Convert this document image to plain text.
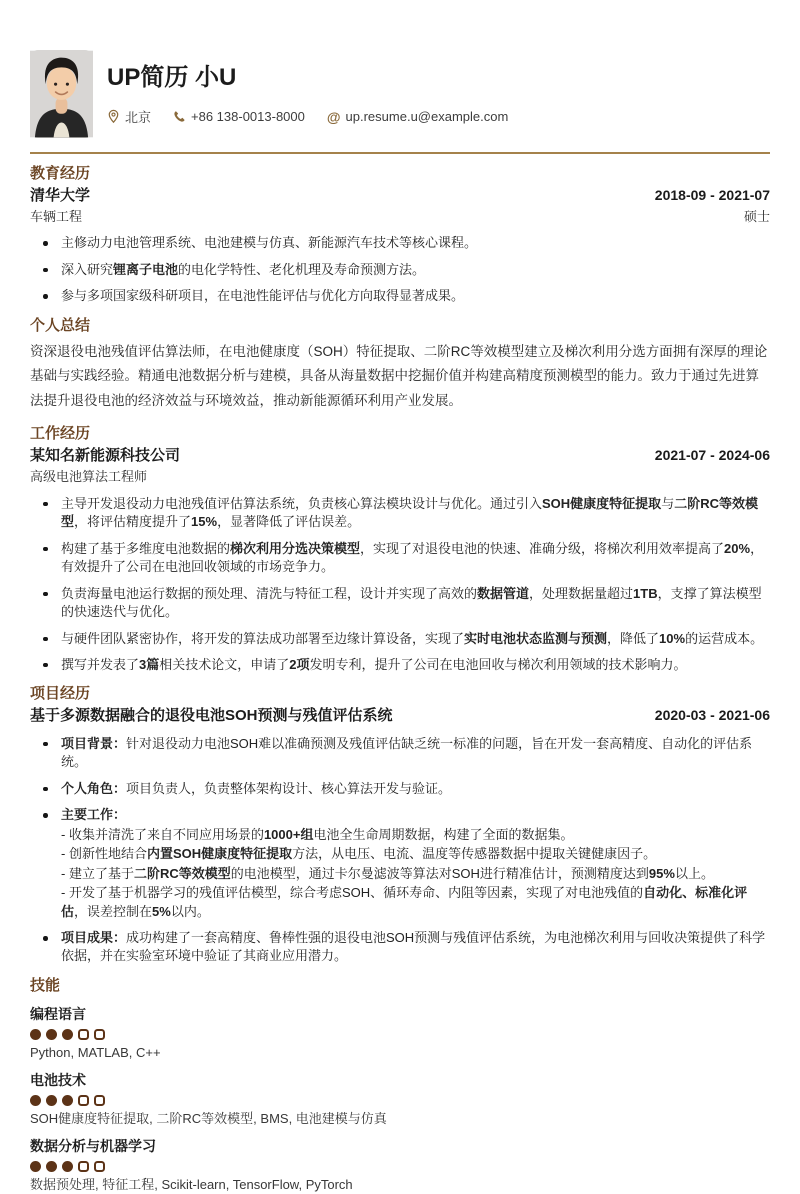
UP简历 小U
北京	+86 138-0013-8000 @ up.resume.u@example.com
教育经历
清华大学	2018-09 - 2021-07
车辆工程	硕士
主修动力电池管理系统、电池建模与仿真、新能源汽车技术等核心课程。
深入研究锂离子电池的电化学特性、老化机理及寿命预测方法。
参与多项国家级科研项目，在电池性能评估与优化方向取得显著成果。
个人总结

资深退役电池残值评估算法师，在电池健康度（SOH）特征提取、二阶RC等效模型建立及梯次利用分选方面拥有深厚的理论基础与实践经验。精通电池数据分析与建模，具备从海量数据中挖掘价值并构建高精度预测模型的能力。致力于通过先进算法提升退役电池的经济效益与环境效益，推动新能源循环利用产业发展。

工作经历
某知名新能源科技公司	2021-07 - 2024-06
高级电池算法工程师
主导开发退役动力电池残值评估算法系统，负责核心算法模块设计与优化。通过引入SOH健康度特征提取与二阶RC等效模型，将评估精度提升了15%，显著降低了评估误差。
构建了基于多维度电池数据的梯次利用分选决策模型，实现了对退役电池的快速、准确分级，将梯次利用效率提高了20%，有效提升了公司在电池回收领域的市场竞争力。
负责海量电池运行数据的预处理、清洗与特征工程，设计并实现了高效的数据管道，处理数据量超过1TB，支撑了算法模型的快速迭代与优化。
与硬件团队紧密协作，将开发的算法成功部署至边缘计算设备，实现了实时电池状态监测与预测，降低了10%的运营成本。
撰写并发表了3篇相关技术论文，申请了2项发明专利，提升了公司在电池回收与梯次利用领域的技术影响力。
项目经历
基于多源数据融合的退役电池SOH预测与残值评估系统	2020-03 - 2021-06
项目背景：针对退役动力电池SOH难以准确预测及残值评估缺乏统一标准的问题，旨在开发一套高精度、自动化的评估系统。
个人角色：项目负责人，负责整体架构设计、核心算法开发与验证。
主要工作：
- 收集并清洗了来自不同应用场景的1000+组电池全生命周期数据，构建了全面的数据集。
- 创新性地结合内置SOH健康度特征提取方法，从电压、电流、温度等传感器数据中提取关键健康因子。
- 建立了基于二阶RC等效模型的电池模型，通过卡尔曼滤波等算法对SOH进行精准估计，预测精度达到95%以上。
- 开发了基于机器学习的残值评估模型，综合考虑SOH、循环寿命、内阻等因素，实现了对电池残值的自动化、标准化评估，误差控制在5%以内。
项目成果：成功构建了一套高精度、鲁棒性强的退役电池SOH预测与残值评估系统，为电池梯次利用与回收决策提供了科学依据，并在实验室环境中验证了其商业应用潜力。
技能
编程语言
Python, MATLAB, C++
电池技术
SOH健康度特征提取, 二阶RC等效模型, BMS, 电池建模与仿真
数据分析与机器学习
数据预处理, 特征工程, Scikit-learn, TensorFlow, PyTorch
